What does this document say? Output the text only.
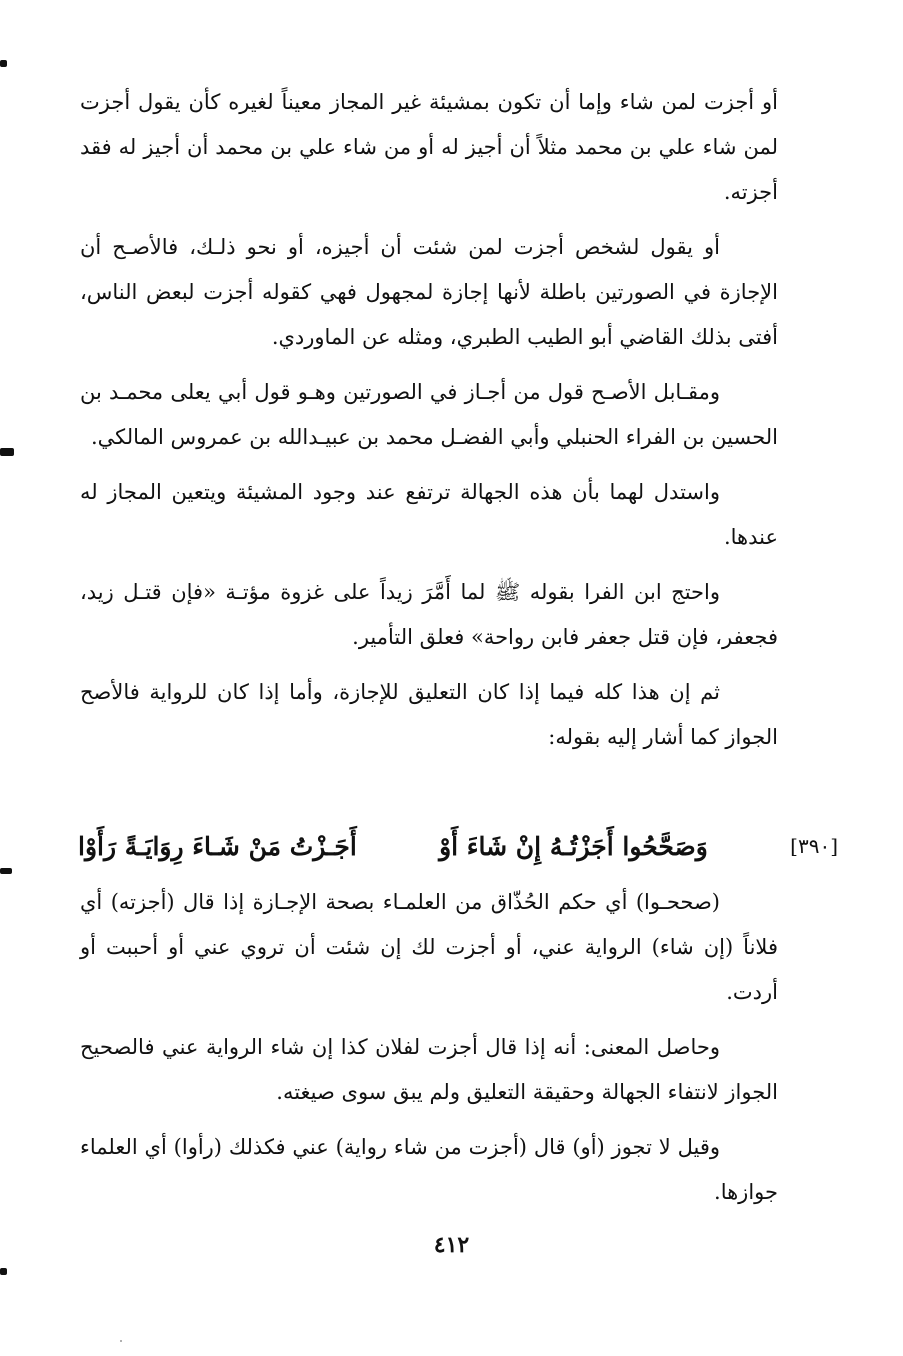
أو أجزت لمن شاء وإما أن تكون بمشيئة غير المجاز معيناً لغيره كأن يقول أجزت لمن شاء علي بن محمد مثلاً أن أجيز له أو من شاء علي بن محمد أن أجيز له فقد أجزته.

أو يقول لشخص أجزت لمن شئت أن أجيزه، أو نحو ذلـك، فالأصـح أن الإجازة في الصورتين باطلة لأنها إجازة لمجهول فهي كقوله أجزت لبعض الناس، أفتى بذلك القاضي أبو الطيب الطبري، ومثله عن الماوردي.

ومقـابل الأصـح قول من أجـاز في الصورتين وهـو قول أبي يعلى محمـد بن الحسين بن الفراء الحنبلي وأبي الفضـل محمد بن عبيـدالله بن عمروس المالكي.

واستدل لهما بأن هذه الجهالة ترتفع عند وجود المشيئة ويتعين المجاز له عندها.

واحتج ابن الفرا بقوله ﷺ لما أَمَّرَ زيداً على غزوة مؤتـة «فإن قتـل زيد، فجعفر، فإن قتل جعفر فابن رواحة» فعلق التأمير.

ثم إن هذا كله فيما إذا كان التعليق للإجازة، وأما إذا كان للرواية فالأصح الجواز كما أشار إليه بقوله:

[٣٩٠]
وَصَحَّحُوا أَجَزْتُـهُ إِنْ شَاءَ أَوْ
أَجَـزْتُ مَنْ شَـاءَ رِوَايَـةً رَأَوْا

(صححـوا) أي حكم الحُذّاق من العلمـاء بصحة الإجـازة إذا قال (أجزته) أي فلاناً (إن شاء) الرواية عني، أو أجزت لك إن شئت أن تروي عني أو أحببت أو أردت.

وحاصل المعنى: أنه إذا قال أجزت لفلان كذا إن شاء الرواية عني فالصحيح الجواز لانتفاء الجهالة وحقيقة التعليق ولم يبق سوى صيغته.

وقيل لا تجوز (أو) قال (أجزت من شاء رواية) عني فكذلك (رأوا) أي العلماء جوازها.

٤١٢
